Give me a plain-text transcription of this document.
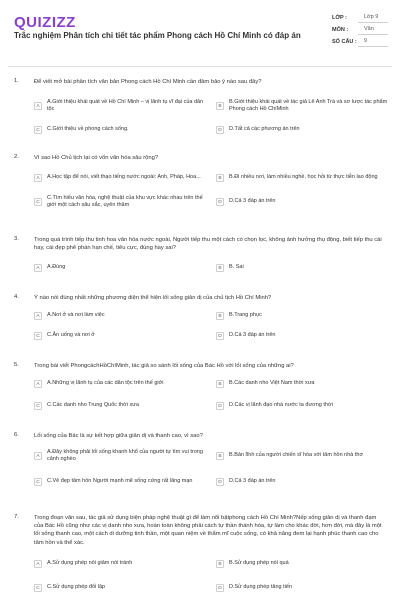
QUIZIZZ
Trắc nghiệm Phân tích chi tiết tác phẩm Phong cách Hồ Chí Minh có đáp án
LỚP :	Lớp 9
MÔN :	Văn
SỐ CÂU :	9
1.	Để viết mở bài phân tích văn bản Phong cách Hồ Chí Minh cần đảm bảo ý nào sau đây?
A
A.Giới thiệu khái quát về Hồ Chí Minh – vị lãnh tụ vĩ đại của dân tộc	B
B.Giới thiệu khái quát về tác giả Lê Anh Trà và sơ lược tác phẩm Phong cách Hồ ChíMinh
C	C.Giới thiệu về phong cách sống.	D	D.Tất cả các phương án trên
2.	Vì sao Hồ Chủ tịch lại có vốn văn hóa sâu rộng?
A	A.Học tập để nói, viết thạo tiếng nước ngoài: Anh, Pháp, Hoa...	B	B.Đi nhiều nơi, làm nhiều nghề, học hỏi từ thực tiễn lao động
C
C.Tìm hiểu văn hóa, nghệ thuật của khu vực khác nhau trên thế giới một cách sâu sắc, uyên thâm	D	D.Cả 3 đáp án trên
3.	Trong quá trình tiếp thu tinh hoa văn hóa nước ngoài, Người tiếp thu một cách có chọn lọc, không ảnh hưởng thụ động, biết tiếp thu cái hay, cái đẹp phê phán hạn chế, tiêu cực, đúng hay sai?
A	A.Đúng	B	B. Sai
4.	Ý nào nói đúng nhất những phương diện thể hiện lối sống giản dị của chủ tịch Hồ Chí Minh?
A	A.Nơi ở và nơi làm việc	B	B.Trang phục
C	C.Ăn uống và nơi ở	D	D.Cả 3 đáp án trên
5.	Trong bài viết PhongcáchHồChíMinh, tác giả so sánh lối sống của Bác Hồ với lối sống của những ai?
A	A.Những vị lãnh tụ của các dân tộc trên thế giới	B	B.Các danh nho Việt Nam thời xưa
C	C.Các danh nho Trung Quốc thời xưa	D	D.Các vị lãnh đạo nhà nước ta đương thời
6.	Lối sống của Bác là sự kết hợp giữa giản dị và thanh cao, vì sao?
A
A.Đây không phải lối sống khanh khổ của người tự tìm vui trong cảnh nghèo	B	B.Bản lĩnh của người chiến sĩ hòa với tâm hồn nhà thơ
C	C.Vẻ đẹp tâm hồn Người mạnh mẽ sống cứng rất lãng mạn	D	D.Cả 3 đáp án trên
7.	Trong đoạn văn sau, tác giả sử dụng biện pháp nghệ thuật gì để làm nổi bậtphong cách Hồ Chí Minh?Nếp sống giản dị và thanh đạm của Bác Hồ cũng như các vị danh nho xưa, hoàn toàn không phải cách tự thần thánh hóa, tự làm cho khác đời, hơn đời, mà đây là một lối sống thanh cao, một cách di dưỡng tinh thần, một quan niệm về thẩm mĩ cuộc sống, có khả năng đem lại hạnh phúc thanh cao cho tâm hồn và thể xác.
A	A.Sử dụng phép nói giảm nói tránh	B	B.Sử dụng phép nói quá
C	C.Sử dụng phép đối lập	D	D.Sử dụng phép tăng tiến
